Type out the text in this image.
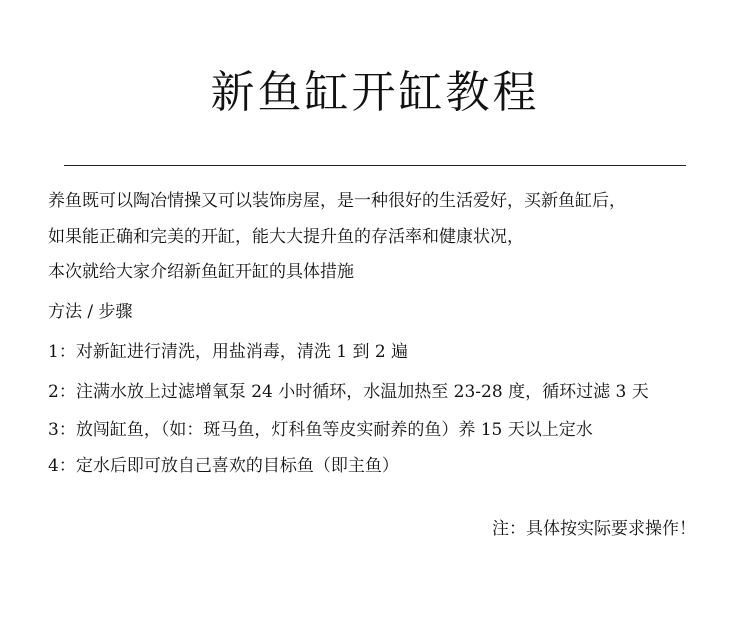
新鱼缸开缸教程
养鱼既可以陶冶情操又可以装饰房屋，是一种很好的生活爱好，买新鱼缸后，
如果能正确和完美的开缸，能大大提升鱼的存活率和健康状况，
本次就给大家介绍新鱼缸开缸的具体措施
方法 / 步骤
1：对新缸进行清洗，用盐消毒，清洗 1 到 2 遍
2：注满水放上过滤增氧泵 24 小时循环，水温加热至 23-28 度，循环过滤 3 天
3：放闯缸鱼，（如：斑马鱼，灯科鱼等皮实耐养的鱼）养 15 天以上定水
4：定水后即可放自己喜欢的目标鱼（即主鱼）
注：具体按实际要求操作！
